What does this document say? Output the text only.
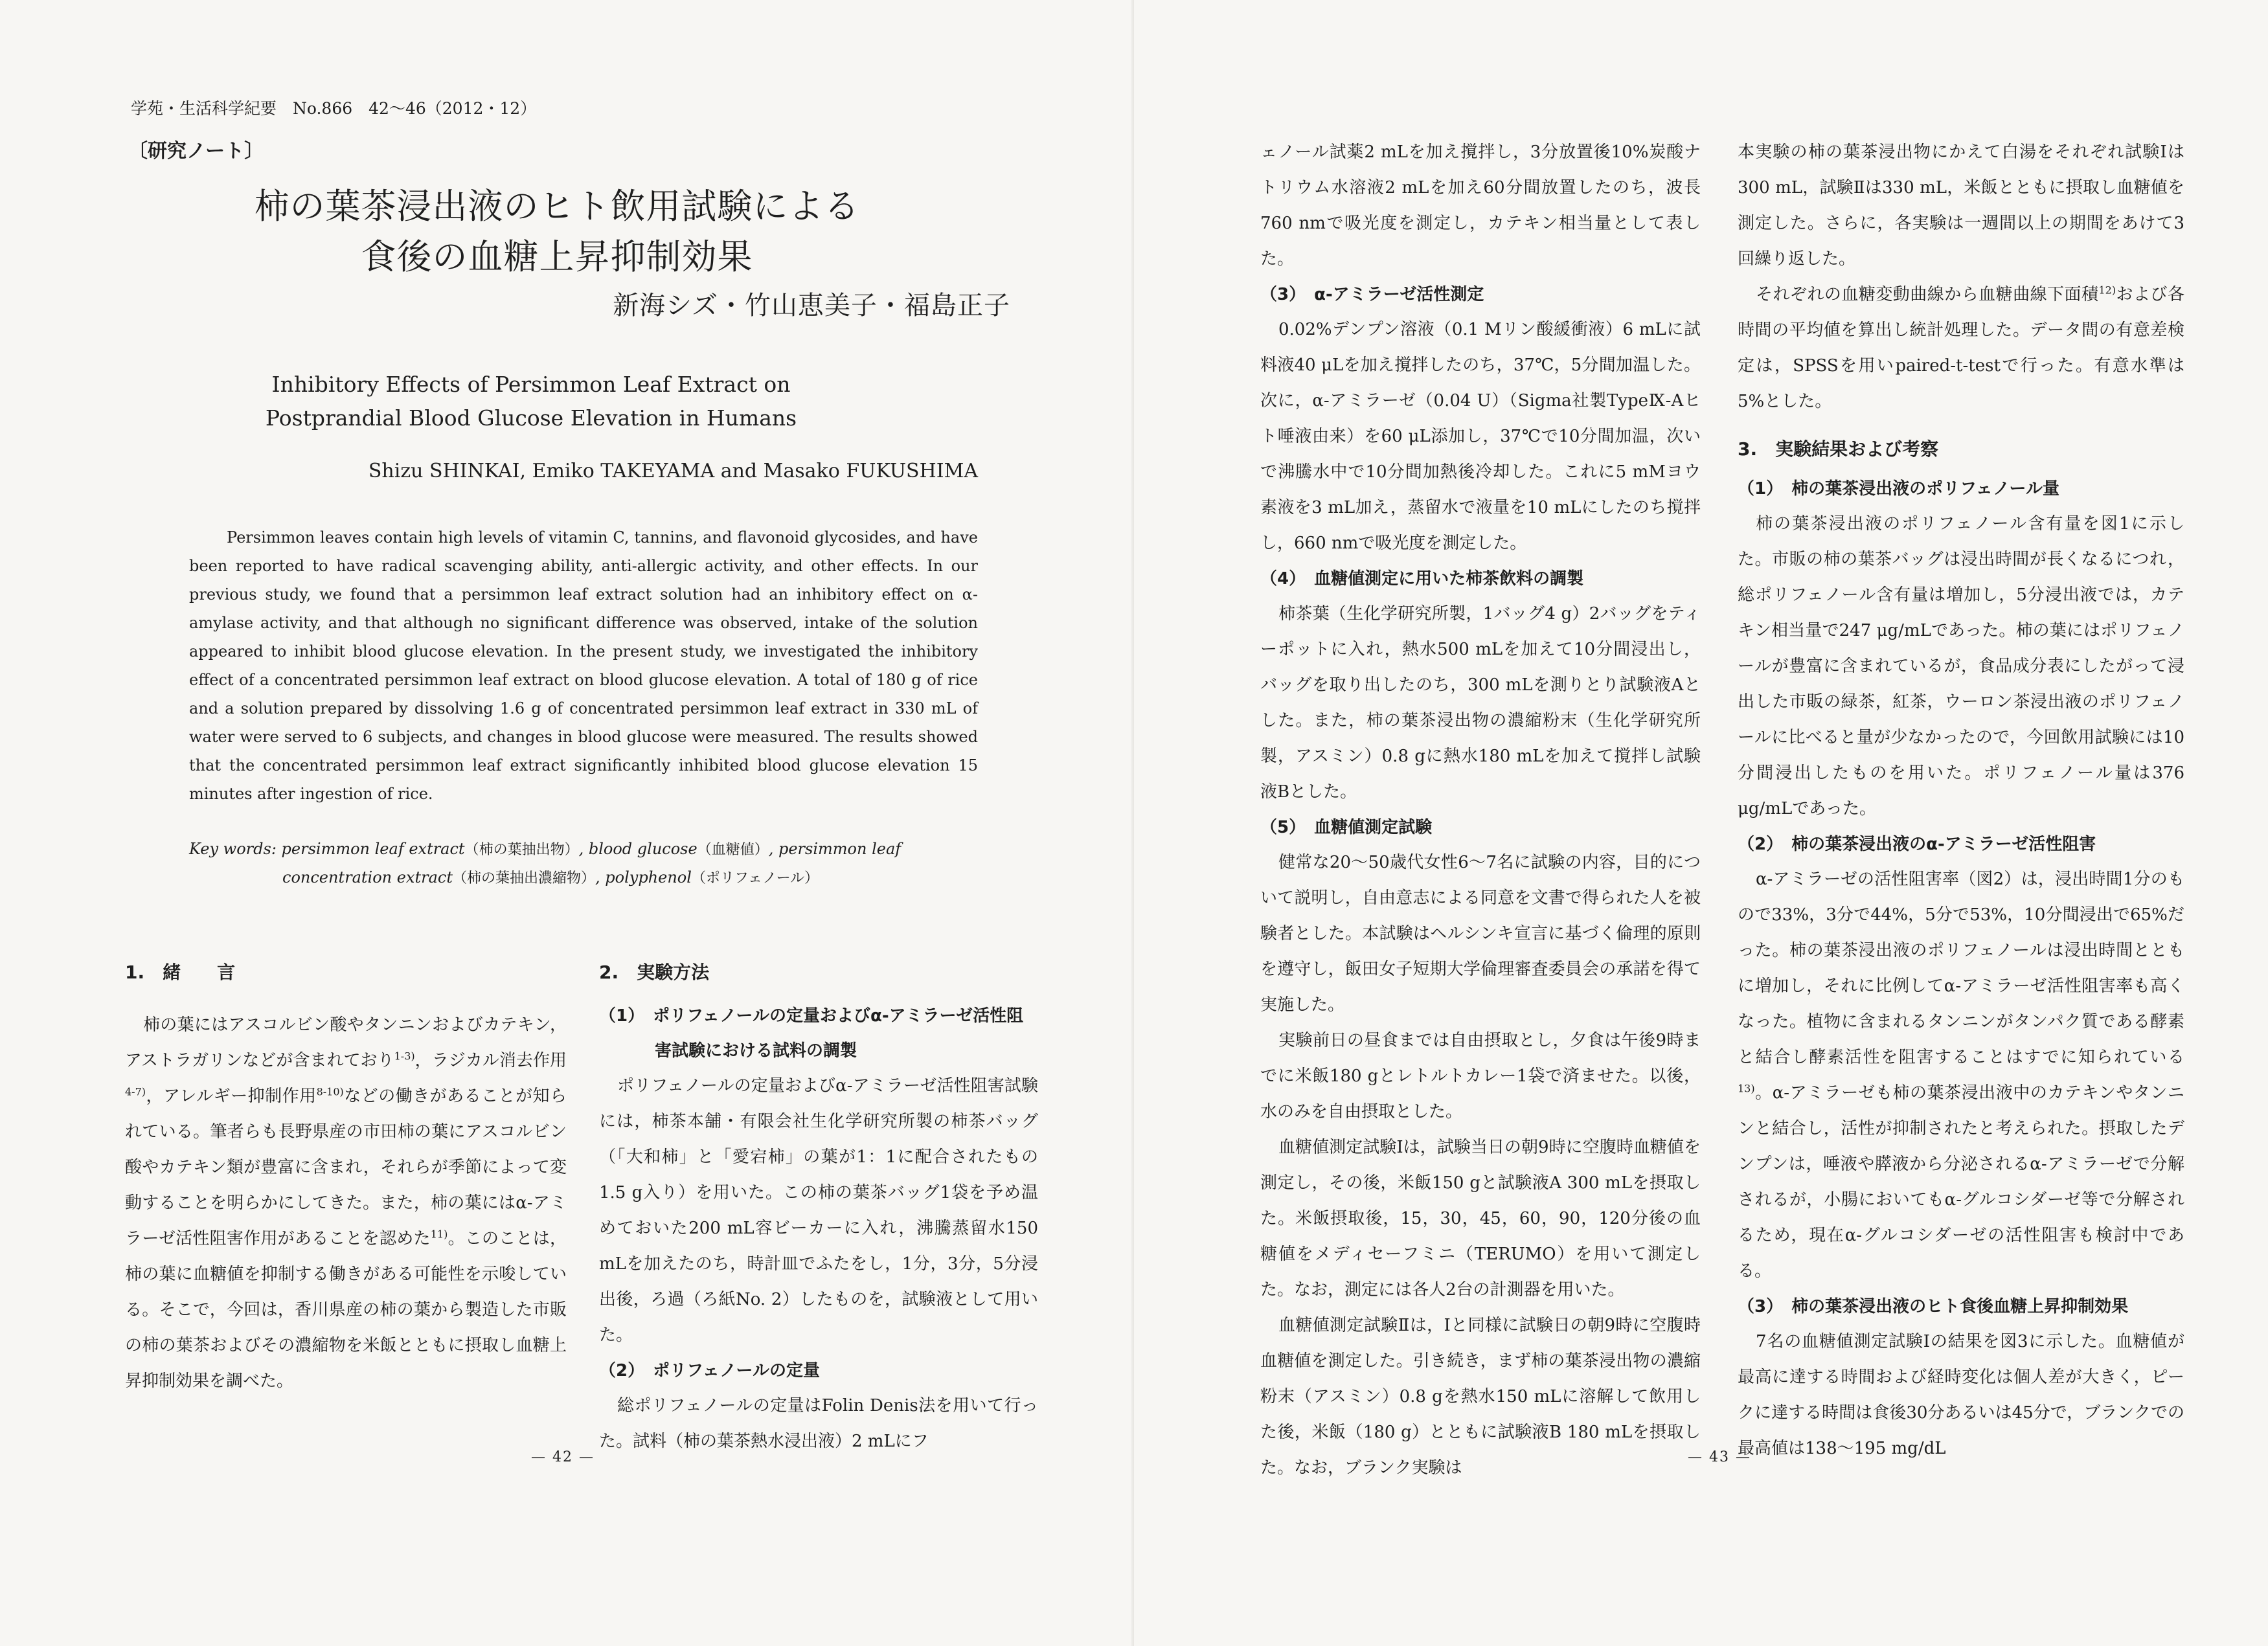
学苑・生活科学紀要　No.866　42〜46（2012・12）
〔研究ノート〕
柿の葉茶浸出液のヒト飲用試験による
食後の血糖上昇抑制効果
新海シズ・竹山恵美子・福島正子
Inhibitory Effects of Persimmon Leaf Extract on
Postprandial Blood Glucose Elevation in Humans
Shizu SHINKAI, Emiko TAKEYAMA and Masako FUKUSHIMA
Persimmon leaves contain high levels of vitamin C, tannins, and flavonoid glycosides, and have been reported to have radical scavenging ability, anti-allergic activity, and other effects. In our previous study, we found that a persimmon leaf extract solution had an inhibitory effect on α-amylase activity, and that although no significant difference was observed, intake of the solution appeared to inhibit blood glucose elevation. In the present study, we investigated the inhibitory effect of a concentrated persimmon leaf extract on blood glucose elevation. A total of 180 g of rice and a solution prepared by dissolving 1.6 g of concentrated persimmon leaf extract in 330 mL of water were served to 6 subjects, and changes in blood glucose were measured. The results showed that the concentrated persimmon leaf extract significantly inhibited blood glucose elevation 15 minutes after ingestion of rice.
Key words: persimmon leaf extract（柿の葉抽出物）, blood glucose（血糖値）, persimmon leaf
concentration extract（柿の葉抽出濃縮物）, polyphenol（ポリフェノール）
1.　緒　　言

柿の葉にはアスコルビン酸やタンニンおよびカテキン，アストラガリンなどが含まれており$^{1-3)}$，ラジカル消去作用$^{4-7)}$，アレルギー抑制作用$^{8-10)}$などの働きがあることが知られている。筆者らも長野県産の市田柿の葉にアスコルビン酸やカテキン類が豊富に含まれ，それらが季節によって変動することを明らかにしてきた。また，柿の葉にはα-アミラーゼ活性阻害作用があることを認めた$^{11)}$。このことは，柿の葉に血糖値を抑制する働きがある可能性を示唆している。そこで，今回は，香川県産の柿の葉から製造した市販の柿の葉茶およびその濃縮物を米飯とともに摂取し血糖上昇抑制効果を調べた。

2.　実験方法
（1）　ポリフェノールの定量およびα-アミラーゼ活性阻害試験における試料の調製

ポリフェノールの定量およびα-アミラーゼ活性阻害試験には，柿茶本舗・有限会社生化学研究所製の柿茶バッグ（「大和柿」と「愛宕柿」の葉が1：1に配合されたもの1.5 g入り）を用いた。この柿の葉茶バッグ1袋を予め温めておいた200 mL容ビーカーに入れ，沸騰蒸留水150 mLを加えたのち，時計皿でふたをし，1分，3分，5分浸出後，ろ過（ろ紙No. 2）したものを，試験液として用いた。

（2）　ポリフェノールの定量

総ポリフェノールの定量はFolin Denis法を用いて行った。試料（柿の葉茶熱水浸出液）2 mLにフ

— 42 —

ェノール試薬2 mLを加え撹拌し，3分放置後10%炭酸ナトリウム水溶液2 mLを加え60分間放置したのち，波長760 nmで吸光度を測定し，カテキン相当量として表した。

（3）　α-アミラーゼ活性測定

0.02%デンプン溶液（0.1 Mリン酸緩衝液）6 mLに試料液40 μLを加え撹拌したのち，37℃，5分間加温した。次に，α-アミラーゼ（0.04 U）（Sigma社製TypeⅨ-Aヒト唾液由来）を60 μL添加し，37℃で10分間加温，次いで沸騰水中で10分間加熱後冷却した。これに5 mMヨウ素液を3 mL加え，蒸留水で液量を10 mLにしたのち撹拌し，660 nmで吸光度を測定した。

（4）　血糖値測定に用いた柿茶飲料の調製

柿茶葉（生化学研究所製，1バッグ4 g）2バッグをティーポットに入れ，熱水500 mLを加えて10分間浸出し，バッグを取り出したのち，300 mLを測りとり試験液Aとした。また，柿の葉茶浸出物の濃縮粉末（生化学研究所製，アスミン）0.8 gに熱水180 mLを加えて撹拌し試験液Bとした。

（5）　血糖値測定試験

健常な20〜50歳代女性6〜7名に試験の内容，目的について説明し，自由意志による同意を文書で得られた人を被験者とした。本試験はヘルシンキ宣言に基づく倫理的原則を遵守し，飯田女子短期大学倫理審査委員会の承諾を得て実施した。

実験前日の昼食までは自由摂取とし，夕食は午後9時までに米飯180 gとレトルトカレー1袋で済ませた。以後，水のみを自由摂取とした。

血糖値測定試験Ⅰは，試験当日の朝9時に空腹時血糖値を測定し，その後，米飯150 gと試験液A 300 mLを摂取した。米飯摂取後，15，30，45，60，90，120分後の血糖値をメディセーフミニ（TERUMO）を用いて測定した。なお，測定には各人2台の計測器を用いた。

血糖値測定試験Ⅱは，Ⅰと同様に試験日の朝9時に空腹時血糖値を測定した。引き続き，まず柿の葉茶浸出物の濃縮粉末（アスミン）0.8 gを熱水150 mLに溶解して飲用した後，米飯（180 g）とともに試験液B 180 mLを摂取した。なお，ブランク実験は

本実験の柿の葉茶浸出物にかえて白湯をそれぞれ試験Ⅰは300 mL，試験Ⅱは330 mL，米飯とともに摂取し血糖値を測定した。さらに，各実験は一週間以上の期間をあけて3回繰り返した。

それぞれの血糖変動曲線から血糖曲線下面積$^{12)}$および各時間の平均値を算出し統計処理した。データ間の有意差検定は，SPSSを用いpaired-t-testで行った。有意水準は5%とした。

3.　実験結果および考察
（1）　柿の葉茶浸出液のポリフェノール量

柿の葉茶浸出液のポリフェノール含有量を図1に示した。市販の柿の葉茶バッグは浸出時間が長くなるにつれ，総ポリフェノール含有量は増加し，5分浸出液では，カテキン相当量で247 μg/mLであった。柿の葉にはポリフェノールが豊富に含まれているが，食品成分表にしたがって浸出した市販の緑茶，紅茶，ウーロン茶浸出液のポリフェノールに比べると量が少なかったので，今回飲用試験には10分間浸出したものを用いた。ポリフェノール量は376 μg/mLであった。

（2）　柿の葉茶浸出液のα-アミラーゼ活性阻害

α-アミラーゼの活性阻害率（図2）は，浸出時間1分のもので33%，3分で44%，5分で53%，10分間浸出で65%だった。柿の葉茶浸出液のポリフェノールは浸出時間とともに増加し，それに比例してα-アミラーゼ活性阻害率も高くなった。植物に含まれるタンニンがタンパク質である酵素と結合し酵素活性を阻害することはすでに知られている$^{13)}$。α-アミラーゼも柿の葉茶浸出液中のカテキンやタンニンと結合し，活性が抑制されたと考えられた。摂取したデンプンは，唾液や膵液から分泌されるα-アミラーゼで分解されるが，小腸においてもα-グルコシダーゼ等で分解されるため，現在α-グルコシダーゼの活性阻害も検討中である。

（3）　柿の葉茶浸出液のヒト食後血糖上昇抑制効果

7名の血糖値測定試験Ⅰの結果を図3に示した。血糖値が最高に達する時間および経時変化は個人差が大きく，ピークに達する時間は食後30分あるいは45分で，ブランクでの最高値は138〜195 mg/dL

— 43 —
